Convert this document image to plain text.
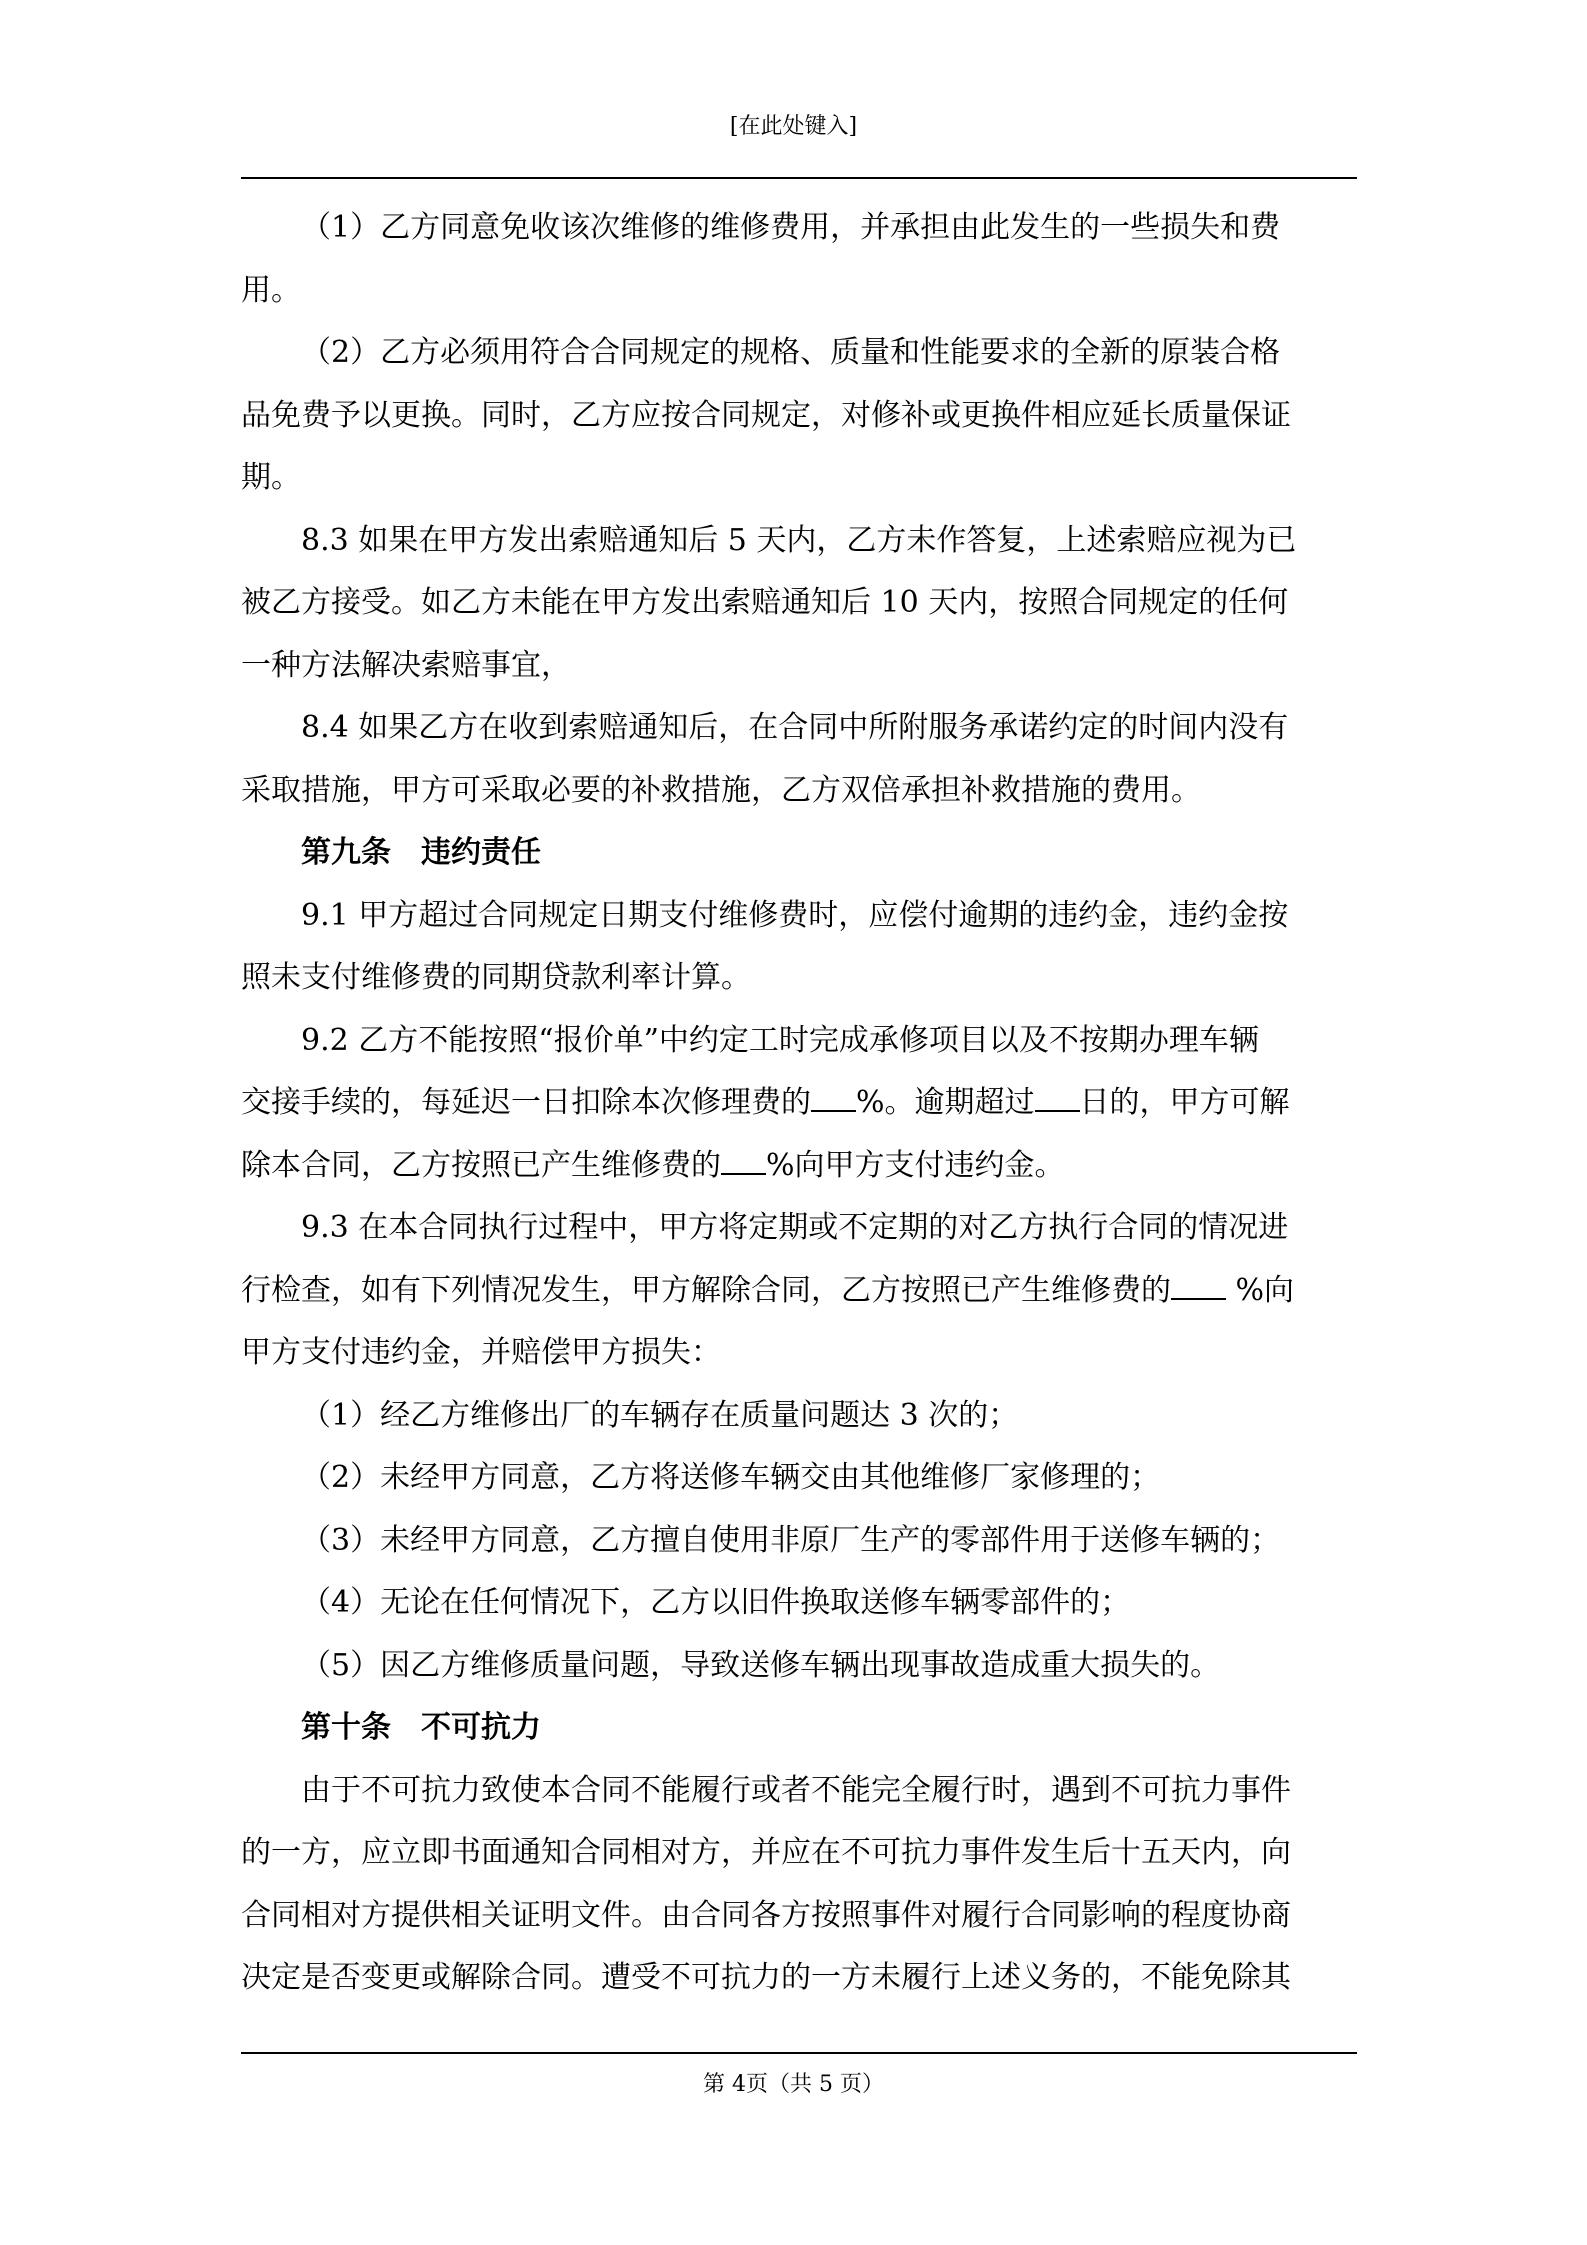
[在此处键入]

（1）乙方同意免收该次维修的维修费用，并承担由此发生的一些损失和费

用。

（2）乙方必须用符合合同规定的规格、质量和性能要求的全新的原装合格

品免费予以更换。同时，乙方应按合同规定，对修补或更换件相应延长质量保证

期。

8.3 如果在甲方发出索赔通知后 5 天内，乙方未作答复，上述索赔应视为已

被乙方接受。如乙方未能在甲方发出索赔通知后 10 天内，按照合同规定的任何

一种方法解决索赔事宜，

8.4 如果乙方在收到索赔通知后，在合同中所附服务承诺约定的时间内没有

采取措施，甲方可采取必要的补救措施，乙方双倍承担补救措施的费用。

第九条　违约责任

9.1 甲方超过合同规定日期支付维修费时，应偿付逾期的违约金，违约金按

照未支付维修费的同期贷款利率计算。

9.2 乙方不能按照“报价单”中约定工时完成承修项目以及不按期办理车辆

交接手续的，每延迟一日扣除本次修理费的 %。逾期超过 日的，甲方可解

除本合同，乙方按照已产生维修费的 %向甲方支付违约金。

9.3 在本合同执行过程中，甲方将定期或不定期的对乙方执行合同的情况进

行检查，如有下列情况发生，甲方解除合同，乙方按照已产生维修费的 %向

甲方支付违约金，并赔偿甲方损失：

（1）经乙方维修出厂的车辆存在质量问题达 3 次的；

（2）未经甲方同意，乙方将送修车辆交由其他维修厂家修理的；

（3）未经甲方同意，乙方擅自使用非原厂生产的零部件用于送修车辆的；

（4）无论在任何情况下，乙方以旧件换取送修车辆零部件的；

（5）因乙方维修质量问题，导致送修车辆出现事故造成重大损失的。

第十条　不可抗力

由于不可抗力致使本合同不能履行或者不能完全履行时，遇到不可抗力事件

的一方，应立即书面通知合同相对方，并应在不可抗力事件发生后十五天内，向

合同相对方提供相关证明文件。由合同各方按照事件对履行合同影响的程度协商

决定是否变更或解除合同。遭受不可抗力的一方未履行上述义务的，不能免除其

第 4页（共 5 页）
